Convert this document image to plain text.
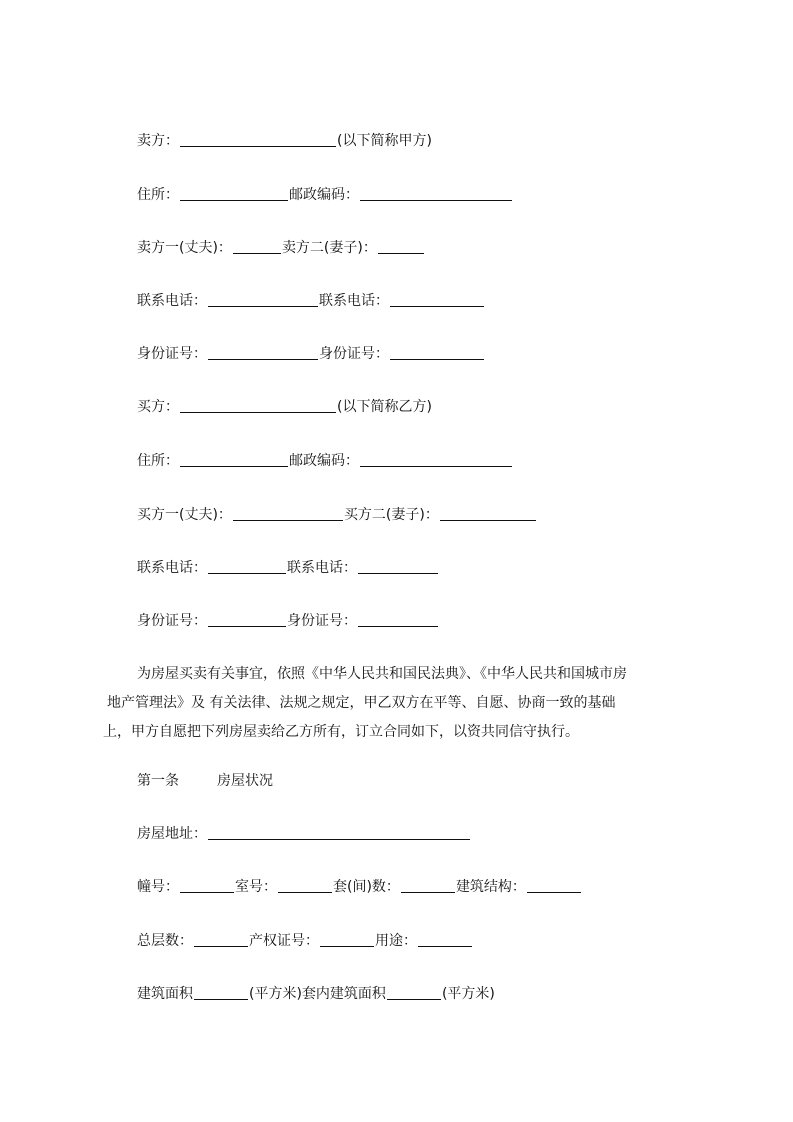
卖方：	(以下简称甲方)
住所：	邮政编码：
卖方一(丈夫)：	卖方二(妻子)：
联系电话：	联系电话：
身份证号：	身份证号：
买方：	(以下简称乙方)
住所：	邮政编码：
买方一(丈夫)：	买方二(妻子)：
联系电话：	联系电话：
身份证号：	身份证号：
为房屋买卖有关事宜，依照《中华人民共和国民法典》、《中华人民共和国城市房
地产管理法》及 有关法律、法规之规定，甲乙双方在平等、自愿、协商一致的基础
上，甲方自愿把下列房屋卖给乙方所有，订立合同如下，以资共同信守执行。
第一条	房屋状况
房屋地址：
幢号：	室号：	套(间)数：	建筑结构：
总层数：	产权证号：	用途：
建筑面积	(平方米)套内建筑面积	(平方米)
